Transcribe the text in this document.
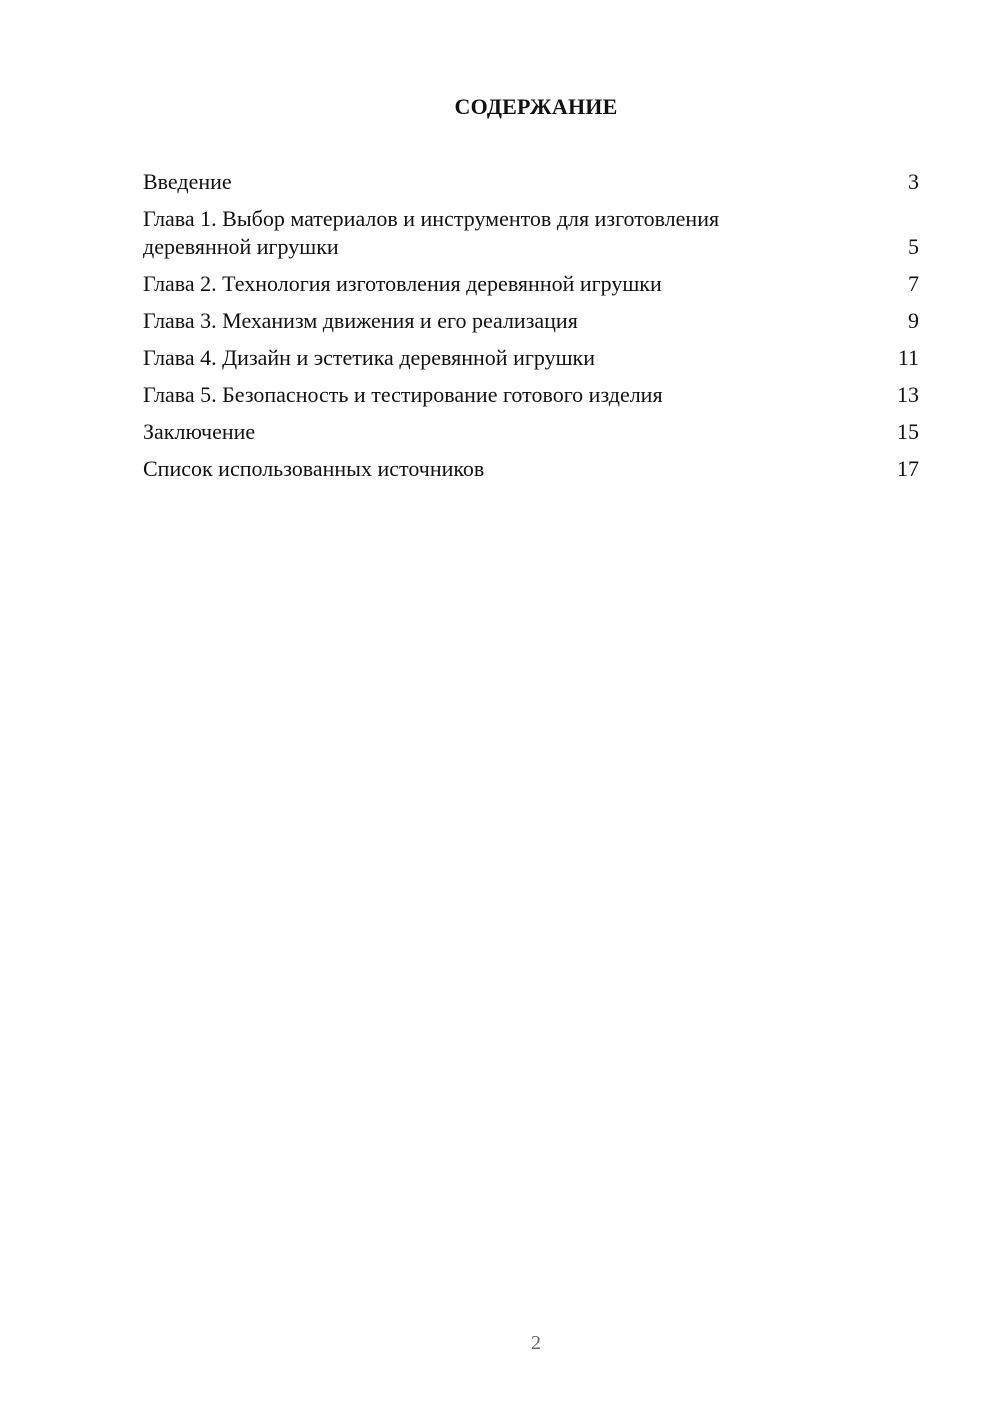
СОДЕРЖАНИЕ
Введение	3
Глава 1. Выбор материалов и инструментов для изготовления деревянной игрушки	5
Глава 2. Технология изготовления деревянной игрушки	7
Глава 3. Механизм движения и его реализация	9
Глава 4. Дизайн и эстетика деревянной игрушки	11
Глава 5. Безопасность и тестирование готового изделия	13
Заключение	15
Список использованных источников	17
2
